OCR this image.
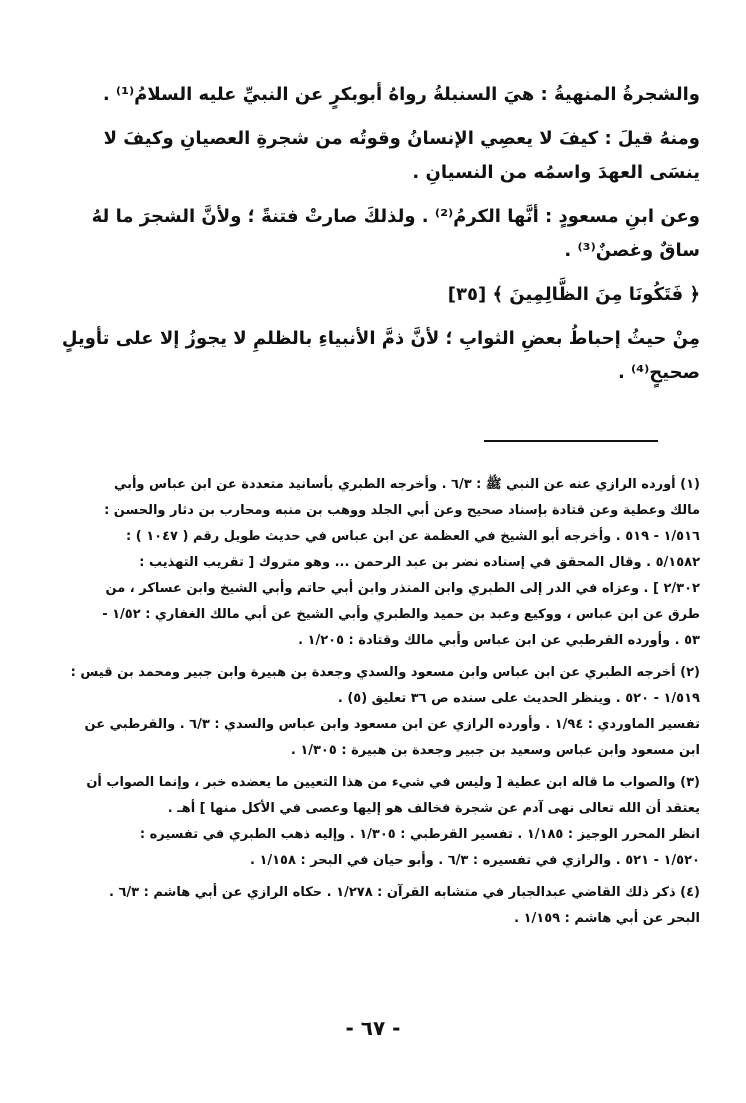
والشجرةُ المنهيةُ : هيَ السنبلةُ رواهُ أبوبكرٍ عن النبيِّ عليه السلامُ⁽¹⁾ .

ومنهُ قيلَ : كيفَ لا يعصِي الإنسانُ وقوتُه من شجرةِ العصيانِ وكيفَ لا ينسَى العهدَ واسمُه من النسيانِ .

وعن ابنِ مسعودٍ : أنَّها الكرمُ⁽²⁾ . ولذلكَ صارتْ فتنةً ؛ ولأنَّ الشجرَ ما لهُ ساقٌ وغصنٌ⁽³⁾ .

﴿ فَتَكُونَا مِنَ الظَّالِمِينَ ﴾ [٣٥]

مِنْ حيثُ إحباطُ بعضِ الثوابِ ؛ لأنَّ ذمَّ الأنبياءِ بالظلمِ لا يجوزُ إلا على تأويلٍ صحيحٍ⁽⁴⁾ .

(١) أورده الرازي عنه عن النبي ﷺ : ٦/٣ . وأخرجه الطبري بأسانيد متعددة عن ابن عباس وأبي
مالك وعطية وعن قتادة بإسناد صحيح وعن أبي الجلد ووهب بن منبه ومحارب بن دثار والحسن :
١/٥١٦ - ٥١٩ . وأخرجه أبو الشيخ في العظمة عن ابن عباس في حديث طويل رقم ( ١٠٤٧ ) :
٥/١٥٨٢ . وقال المحقق في إسناده نضر بن عبد الرحمن ... وهو متروك [ تقريب التهذيب :
٢/٣٠٢ ] . وعزاه في الدر إلى الطبري وابن المنذر وابن أبي حاتم وأبي الشيخ وابن عساكر ، من
طرق عن ابن عباس ، ووكيع وعبد بن حميد والطبري وأبي الشيخ عن أبي مالك الغفاري : ١/٥٢ -
٥٣ . وأورده القرطبي عن ابن عباس وأبي مالك وقتادة : ١/٢٠٥ .
(٢) أخرجه الطبري عن ابن عباس وابن مسعود والسدي وجعدة بن هبيرة وابن جبير ومحمد بن قيس :
١/٥١٩ - ٥٢٠ . وينظر الحديث على سنده ص ٣٦ تعليق (٥) .
تفسير الماوردي : ١/٩٤ . وأورده الرازي عن ابن مسعود وابن عباس والسدي : ٦/٣ . والقرطبي عن
ابن مسعود وابن عباس وسعيد بن جبير وجعدة بن هبيرة : ١/٣٠٥ .
(٣) والصواب ما قاله ابن عطية [ وليس في شيء من هذا التعيين ما يعضده خبر ، وإنما الصواب أن
يعتقد أن الله تعالى نهى آدم عن شجرة فخالف هو إليها وعصى في الأكل منها ] أهـ .
انظر المحرر الوجيز : ١/١٨٥ . تفسير القرطبي : ١/٣٠٥ . وإليه ذهب الطبري في تفسيره :
١/٥٢٠ - ٥٢١ . والرازي في تفسيره : ٦/٣ . وأبو حيان في البحر : ١/١٥٨ .
(٤) ذكر ذلك القاضي عبدالجبار في متشابه القرآن : ١/٢٧٨ . حكاه الرازي عن أبي هاشم : ٦/٣ .
البحر عن أبي هاشم : ١/١٥٩ .
- ٦٧ -
